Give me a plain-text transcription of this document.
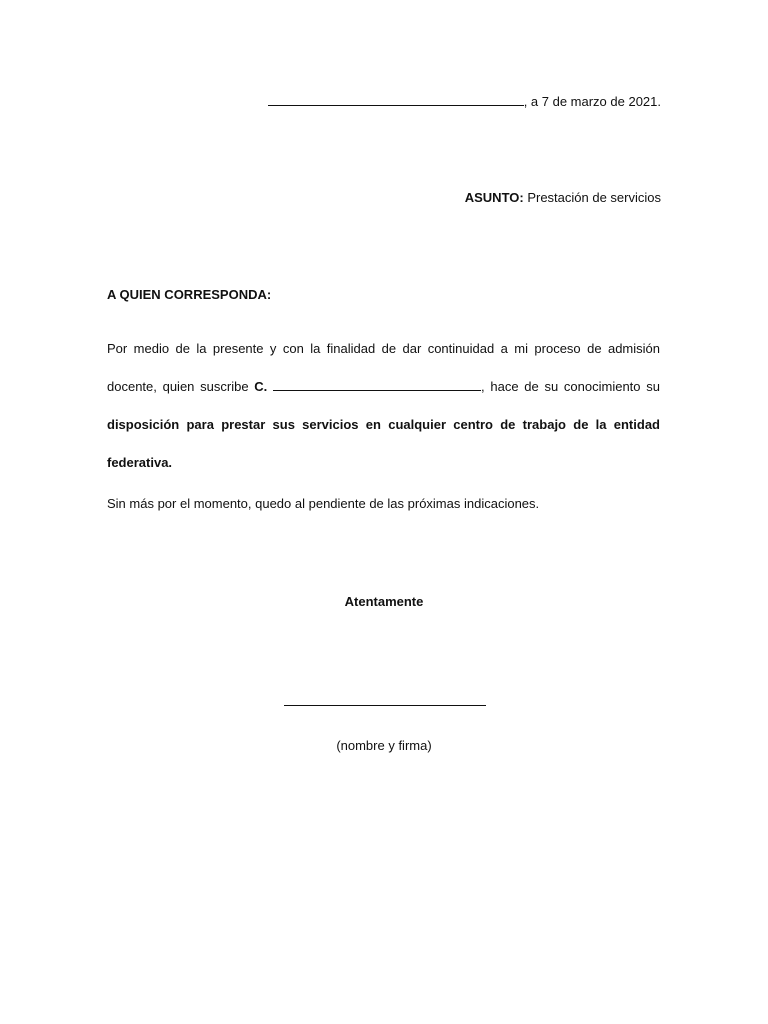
, a 7 de marzo de 2021.
ASUNTO: Prestación de servicios
A QUIEN CORRESPONDA:
Por medio de la presente y con la finalidad de dar continuidad a mi proceso de admisión
docente, quien suscribe C.	, hace de su conocimiento su
disposición para prestar sus servicios en cualquier centro de trabajo de la entidad
federativa.
Sin más por el momento, quedo al pendiente de las próximas indicaciones.
Atentamente
(nombre y firma)
